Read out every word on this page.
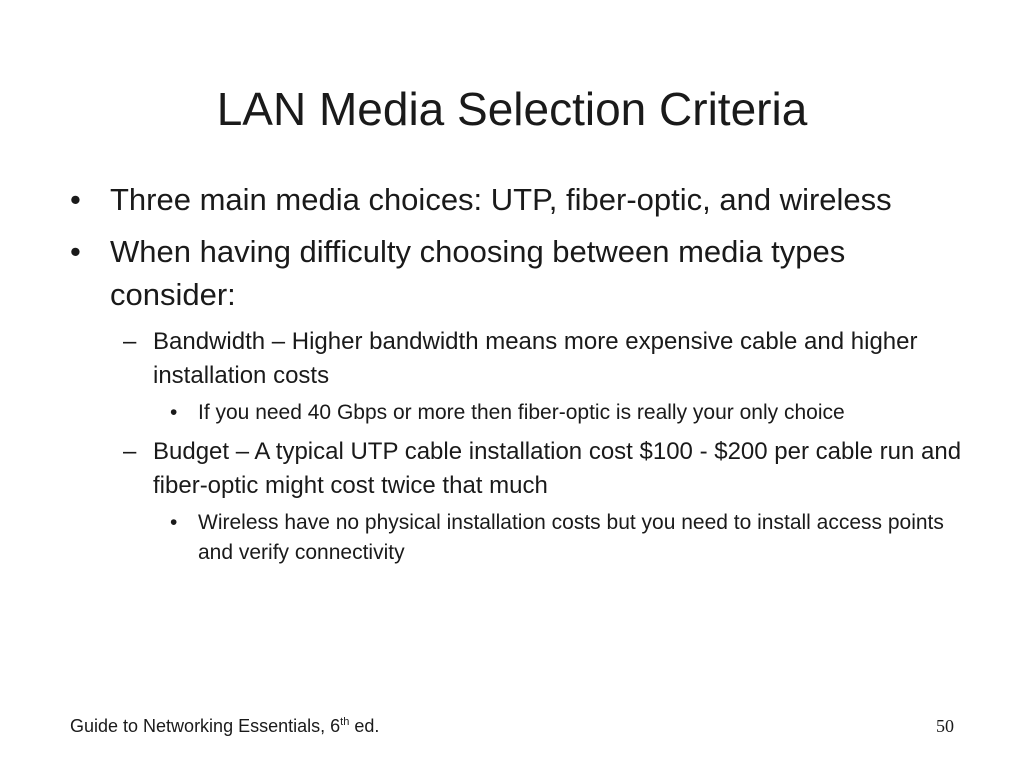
LAN Media Selection Criteria
• Three main media choices: UTP, fiber-optic, and wireless
• When having difficulty choosing between media types consider:
– Bandwidth – Higher bandwidth means more expensive cable and higher installation costs
• If you need 40 Gbps or more then fiber-optic is really your only choice
– Budget – A typical UTP cable installation cost $100 - $200 per cable run and fiber-optic might cost twice that much
• Wireless have no physical installation costs but you need to install access points and verify connectivity
Guide to Networking Essentials, 6th ed.	50
